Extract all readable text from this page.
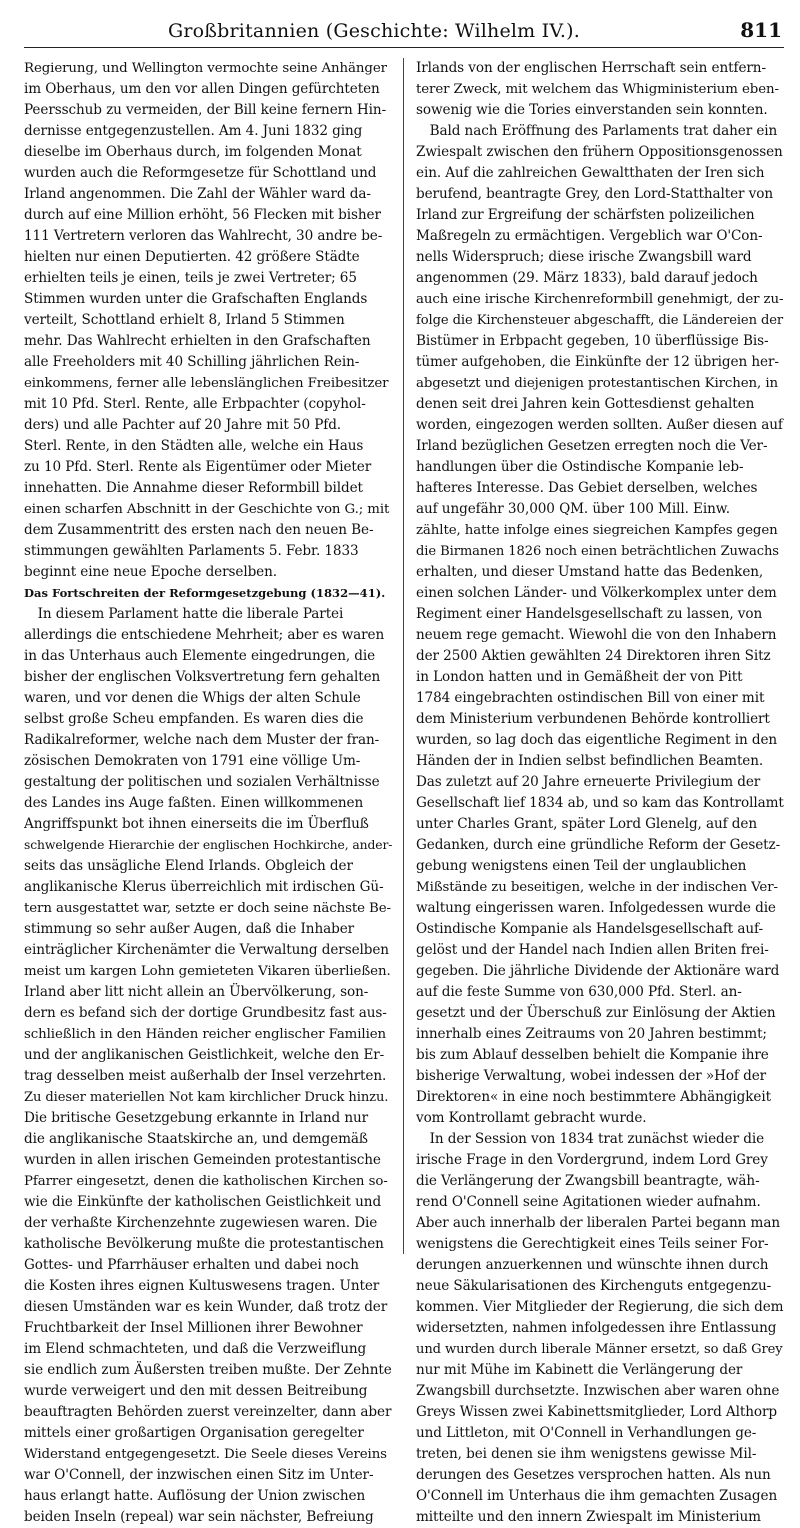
Großbritannien (Geschichte: Wilhelm IV.).	811
Regierung, und Wellington vermochte seine Anhänger
im Oberhaus, um den vor allen Dingen gefürchteten
Peersschub zu vermeiden, der Bill keine fernern Hin-
dernisse entgegenzustellen. Am 4. Juni 1832 ging
dieselbe im Oberhaus durch, im folgenden Monat
wurden auch die Reformgesetze für Schottland und
Irland angenommen. Die Zahl der Wähler ward da-
durch auf eine Million erhöht, 56 Flecken mit bisher
111 Vertretern verloren das Wahlrecht, 30 andre be-
hielten nur einen Deputierten. 42 größere Städte
erhielten teils je einen, teils je zwei Vertreter; 65
Stimmen wurden unter die Grafschaften Englands
verteilt, Schottland erhielt 8, Irland 5 Stimmen
mehr. Das Wahlrecht erhielten in den Grafschaften
alle Freeholders mit 40 Schilling jährlichen Rein-
einkommens, ferner alle lebenslänglichen Freibesitzer
mit 10 Pfd. Sterl. Rente, alle Erbpachter (copyhol-
ders) und alle Pachter auf 20 Jahre mit 50 Pfd.
Sterl. Rente, in den Städten alle, welche ein Haus
zu 10 Pfd. Sterl. Rente als Eigentümer oder Mieter
innehatten. Die Annahme dieser Reformbill bildet
einen scharfen Abschnitt in der Geschichte von G.; mit
dem Zusammentritt des ersten nach den neuen Be-
stimmungen gewählten Parlaments 5. Febr. 1833
beginnt eine neue Epoche derselben.
Das Fortschreiten der Reformgesetzgebung (1832—41).
In diesem Parlament hatte die liberale Partei
allerdings die entschiedene Mehrheit; aber es waren
in das Unterhaus auch Elemente eingedrungen, die
bisher der englischen Volksvertretung fern gehalten
waren, und vor denen die Whigs der alten Schule
selbst große Scheu empfanden. Es waren dies die
Radikalreformer, welche nach dem Muster der fran-
zösischen Demokraten von 1791 eine völlige Um-
gestaltung der politischen und sozialen Verhältnisse
des Landes ins Auge faßten. Einen willkommenen
Angriffspunkt bot ihnen einerseits die im Überfluß
schwelgende Hierarchie der englischen Hochkirche, ander-
seits das unsägliche Elend Irlands. Obgleich der
anglikanische Klerus überreichlich mit irdischen Gü-
tern ausgestattet war, setzte er doch seine nächste Be-
stimmung so sehr außer Augen, daß die Inhaber
einträglicher Kirchenämter die Verwaltung derselben
meist um kargen Lohn gemieteten Vikaren überließen.
Irland aber litt nicht allein an Übervölkerung, son-
dern es befand sich der dortige Grundbesitz fast aus-
schließlich in den Händen reicher englischer Familien
und der anglikanischen Geistlichkeit, welche den Er-
trag desselben meist außerhalb der Insel verzehrten.
Zu dieser materiellen Not kam kirchlicher Druck hinzu.
Die britische Gesetzgebung erkannte in Irland nur
die anglikanische Staatskirche an, und demgemäß
wurden in allen irischen Gemeinden protestantische
Pfarrer eingesetzt, denen die katholischen Kirchen so-
wie die Einkünfte der katholischen Geistlichkeit und
der verhaßte Kirchenzehnte zugewiesen waren. Die
katholische Bevölkerung mußte die protestantischen
Gottes- und Pfarrhäuser erhalten und dabei noch
die Kosten ihres eignen Kultuswesens tragen. Unter
diesen Umständen war es kein Wunder, daß trotz der
Fruchtbarkeit der Insel Millionen ihrer Bewohner
im Elend schmachteten, und daß die Verzweiflung
sie endlich zum Äußersten treiben mußte. Der Zehnte
wurde verweigert und den mit dessen Beitreibung
beauftragten Behörden zuerst vereinzelter, dann aber
mittels einer großartigen Organisation geregelter
Widerstand entgegengesetzt. Die Seele dieses Vereins
war O'Connell, der inzwischen einen Sitz im Unter-
haus erlangt hatte. Auflösung der Union zwischen
beiden Inseln (repeal) war sein nächster, Befreiung
Irlands von der englischen Herrschaft sein entfern-
terer Zweck, mit welchem das Whigministerium eben-
sowenig wie die Tories einverstanden sein konnten.
Bald nach Eröffnung des Parlaments trat daher ein
Zwiespalt zwischen den frühern Oppositionsgenossen
ein. Auf die zahlreichen Gewaltthaten der Iren sich
berufend, beantragte Grey, den Lord-Statthalter von
Irland zur Ergreifung der schärfsten polizeilichen
Maßregeln zu ermächtigen. Vergeblich war O'Con-
nells Widerspruch; diese irische Zwangsbill ward
angenommen (29. März 1833), bald darauf jedoch
auch eine irische Kirchenreformbill genehmigt, der zu-
folge die Kirchensteuer abgeschafft, die Ländereien der
Bistümer in Erbpacht gegeben, 10 überflüssige Bis-
tümer aufgehoben, die Einkünfte der 12 übrigen her-
abgesetzt und diejenigen protestantischen Kirchen, in
denen seit drei Jahren kein Gottesdienst gehalten
worden, eingezogen werden sollten. Außer diesen auf
Irland bezüglichen Gesetzen erregten noch die Ver-
handlungen über die Ostindische Kompanie leb-
hafteres Interesse. Das Gebiet derselben, welches
auf ungefähr 30,000 QM. über 100 Mill. Einw.
zählte, hatte infolge eines siegreichen Kampfes gegen
die Birmanen 1826 noch einen beträchtlichen Zuwachs
erhalten, und dieser Umstand hatte das Bedenken,
einen solchen Länder- und Völkerkomplex unter dem
Regiment einer Handelsgesellschaft zu lassen, von
neuem rege gemacht. Wiewohl die von den Inhabern
der 2500 Aktien gewählten 24 Direktoren ihren Sitz
in London hatten und in Gemäßheit der von Pitt
1784 eingebrachten ostindischen Bill von einer mit
dem Ministerium verbundenen Behörde kontrolliert
wurden, so lag doch das eigentliche Regiment in den
Händen der in Indien selbst befindlichen Beamten.
Das zuletzt auf 20 Jahre erneuerte Privilegium der
Gesellschaft lief 1834 ab, und so kam das Kontrollamt
unter Charles Grant, später Lord Glenelg, auf den
Gedanken, durch eine gründliche Reform der Gesetz-
gebung wenigstens einen Teil der unglaublichen
Mißstände zu beseitigen, welche in der indischen Ver-
waltung eingerissen waren. Infolgedessen wurde die
Ostindische Kompanie als Handelsgesellschaft auf-
gelöst und der Handel nach Indien allen Briten frei-
gegeben. Die jährliche Dividende der Aktionäre ward
auf die feste Summe von 630,000 Pfd. Sterl. an-
gesetzt und der Überschuß zur Einlösung der Aktien
innerhalb eines Zeitraums von 20 Jahren bestimmt;
bis zum Ablauf desselben behielt die Kompanie ihre
bisherige Verwaltung, wobei indessen der »Hof der
Direktoren« in eine noch bestimmtere Abhängigkeit
vom Kontrollamt gebracht wurde.
In der Session von 1834 trat zunächst wieder die
irische Frage in den Vordergrund, indem Lord Grey
die Verlängerung der Zwangsbill beantragte, wäh-
rend O'Connell seine Agitationen wieder aufnahm.
Aber auch innerhalb der liberalen Partei begann man
wenigstens die Gerechtigkeit eines Teils seiner For-
derungen anzuerkennen und wünschte ihnen durch
neue Säkularisationen des Kirchenguts entgegenzu-
kommen. Vier Mitglieder der Regierung, die sich dem
widersetzten, nahmen infolgedessen ihre Entlassung
und wurden durch liberale Männer ersetzt, so daß Grey
nur mit Mühe im Kabinett die Verlängerung der
Zwangsbill durchsetzte. Inzwischen aber waren ohne
Greys Wissen zwei Kabinettsmitglieder, Lord Althorp
und Littleton, mit O'Connell in Verhandlungen ge-
treten, bei denen sie ihm wenigstens gewisse Mil-
derungen des Gesetzes versprochen hatten. Als nun
O'Connell im Unterhaus die ihm gemachten Zusagen
mitteilte und den innern Zwiespalt im Ministerium
